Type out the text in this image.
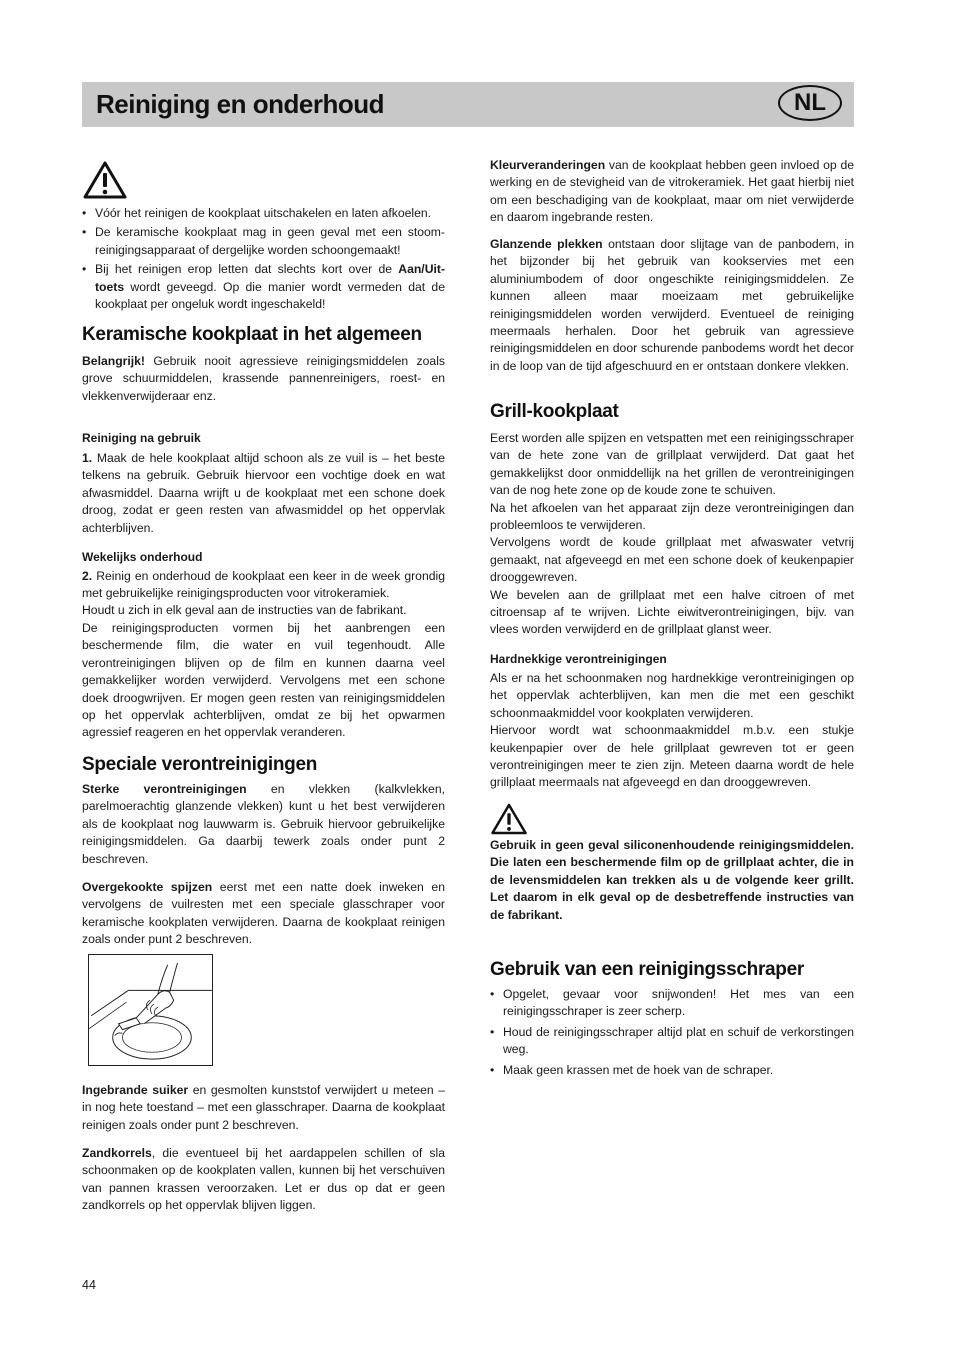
Reiniging en onderhoud	NL
• Vóór het reinigen de kookplaat uitschakelen en laten afkoelen.
• De keramische kookplaat mag in geen geval met een stoom-reinigingsapparaat of dergelijke worden schoongemaakt!
• Bij het reinigen erop letten dat slechts kort over de Aan/Uit-toets wordt geveegd. Op die manier wordt vermeden dat de kookplaat per ongeluk wordt ingeschakeld!
Keramische kookplaat in het algemeen

Belangrijk! Gebruik nooit agressieve reinigingsmiddelen zoals grove schuurmiddelen, krassende pannenreinigers, roest- en vlekkenverwijderaar enz.

Reiniging na gebruik

1. Maak de hele kookplaat altijd schoon als ze vuil is – het beste telkens na gebruik. Gebruik hiervoor een vochtige doek en wat afwasmiddel. Daarna wrijft u de kookplaat met een schone doek droog, zodat er geen resten van afwasmiddel op het oppervlak achterblijven.

Wekelijks onderhoud

2. Reinig en onderhoud de kookplaat een keer in de week grondig met gebruikelijke reinigingsproducten voor vitrokeramiek.

Houdt u zich in elk geval aan de instructies van de fabrikant.

De reinigingsproducten vormen bij het aanbrengen een beschermende film, die water en vuil tegenhoudt. Alle verontreinigingen blijven op de film en kunnen daarna veel gemakkelijker worden verwijderd. Vervolgens met een schone doek droogwrijven. Er mogen geen resten van reinigingsmiddelen op het oppervlak achterblijven, omdat ze bij het opwarmen agressief reageren en het oppervlak veranderen.

Speciale verontreinigingen

Sterke verontreinigingen en vlekken (kalkvlekken, parelmoerachtig glanzende vlekken) kunt u het best verwijderen als de kookplaat nog lauwwarm is. Gebruik hiervoor gebruikelijke reinigingsmiddelen. Ga daarbij tewerk zoals onder punt 2 beschreven.

Overgekookte spijzen eerst met een natte doek inweken en vervolgens de vuilresten met een speciale glasschraper voor keramische kookplaten verwijderen. Daarna de kookplaat reinigen zoals onder punt 2 beschreven.

Ingebrande suiker en gesmolten kunststof verwijdert u meteen – in nog hete toestand – met een glasschraper. Daarna de kookplaat reinigen zoals onder punt 2 beschreven.

Zandkorrels, die eventueel bij het aardappelen schillen of sla schoonmaken op de kookplaten vallen, kunnen bij het verschuiven van pannen krassen veroorzaken. Let er dus op dat er geen zandkorrels op het oppervlak blijven liggen.

Kleurveranderingen van de kookplaat hebben geen invloed op de werking en de stevigheid van de vitrokeramiek. Het gaat hierbij niet om een beschadiging van de kookplaat, maar om niet verwijderde en daarom ingebrande resten.

Glanzende plekken ontstaan door slijtage van de panbodem, in het bijzonder bij het gebruik van kookservies met een aluminiumbodem of door ongeschikte reinigingsmiddelen. Ze kunnen alleen maar moeizaam met gebruikelijke reinigingsmiddelen worden verwijderd. Eventueel de reiniging meermaals herhalen. Door het gebruik van agressieve reinigingsmiddelen en door schurende panbodems wordt het decor in de loop van de tijd afgeschuurd en er ontstaan donkere vlekken.

Grill-kookplaat

Eerst worden alle spijzen en vetspatten met een reinigingsschraper van de hete zone van de grillplaat verwijderd. Dat gaat het gemakkelijkst door onmiddellijk na het grillen de verontreinigingen van de nog hete zone op de koude zone te schuiven.

Na het afkoelen van het apparaat zijn deze verontreinigingen dan probleemloos te verwijderen.

Vervolgens wordt de koude grillplaat met afwaswater vetvrij gemaakt, nat afgeveegd en met een schone doek of keukenpapier drooggewreven.

We bevelen aan de grillplaat met een halve citroen of met citroensap af te wrijven. Lichte eiwitverontreinigingen, bijv. van vlees worden verwijderd en de grillplaat glanst weer.

Hardnekkige verontreinigingen

Als er na het schoonmaken nog hardnekkige verontreinigingen op het oppervlak achterblijven, kan men die met een geschikt schoonmaakmiddel voor kookplaten verwijderen.

Hiervoor wordt wat schoonmaakmiddel m.b.v. een stukje keukenpapier over de hele grillplaat gewreven tot er geen verontreinigingen meer te zien zijn. Meteen daarna wordt de hele grillplaat meermaals nat afgeveegd en dan drooggewreven.

Gebruik in geen geval siliconenhoudende reinigingsmiddelen. Die laten een beschermende film op de grillplaat achter, die in de levensmiddelen kan trekken als u de volgende keer grillt. Let daarom in elk geval op de desbetreffende instructies van de fabrikant.

Gebruik van een reinigingsschraper
• Opgelet, gevaar voor snijwonden! Het mes van een reinigingsschraper is zeer scherp.
• Houd de reinigingsschraper altijd plat en schuif de verkorstingen weg.
• Maak geen krassen met de hoek van de schraper.
44
